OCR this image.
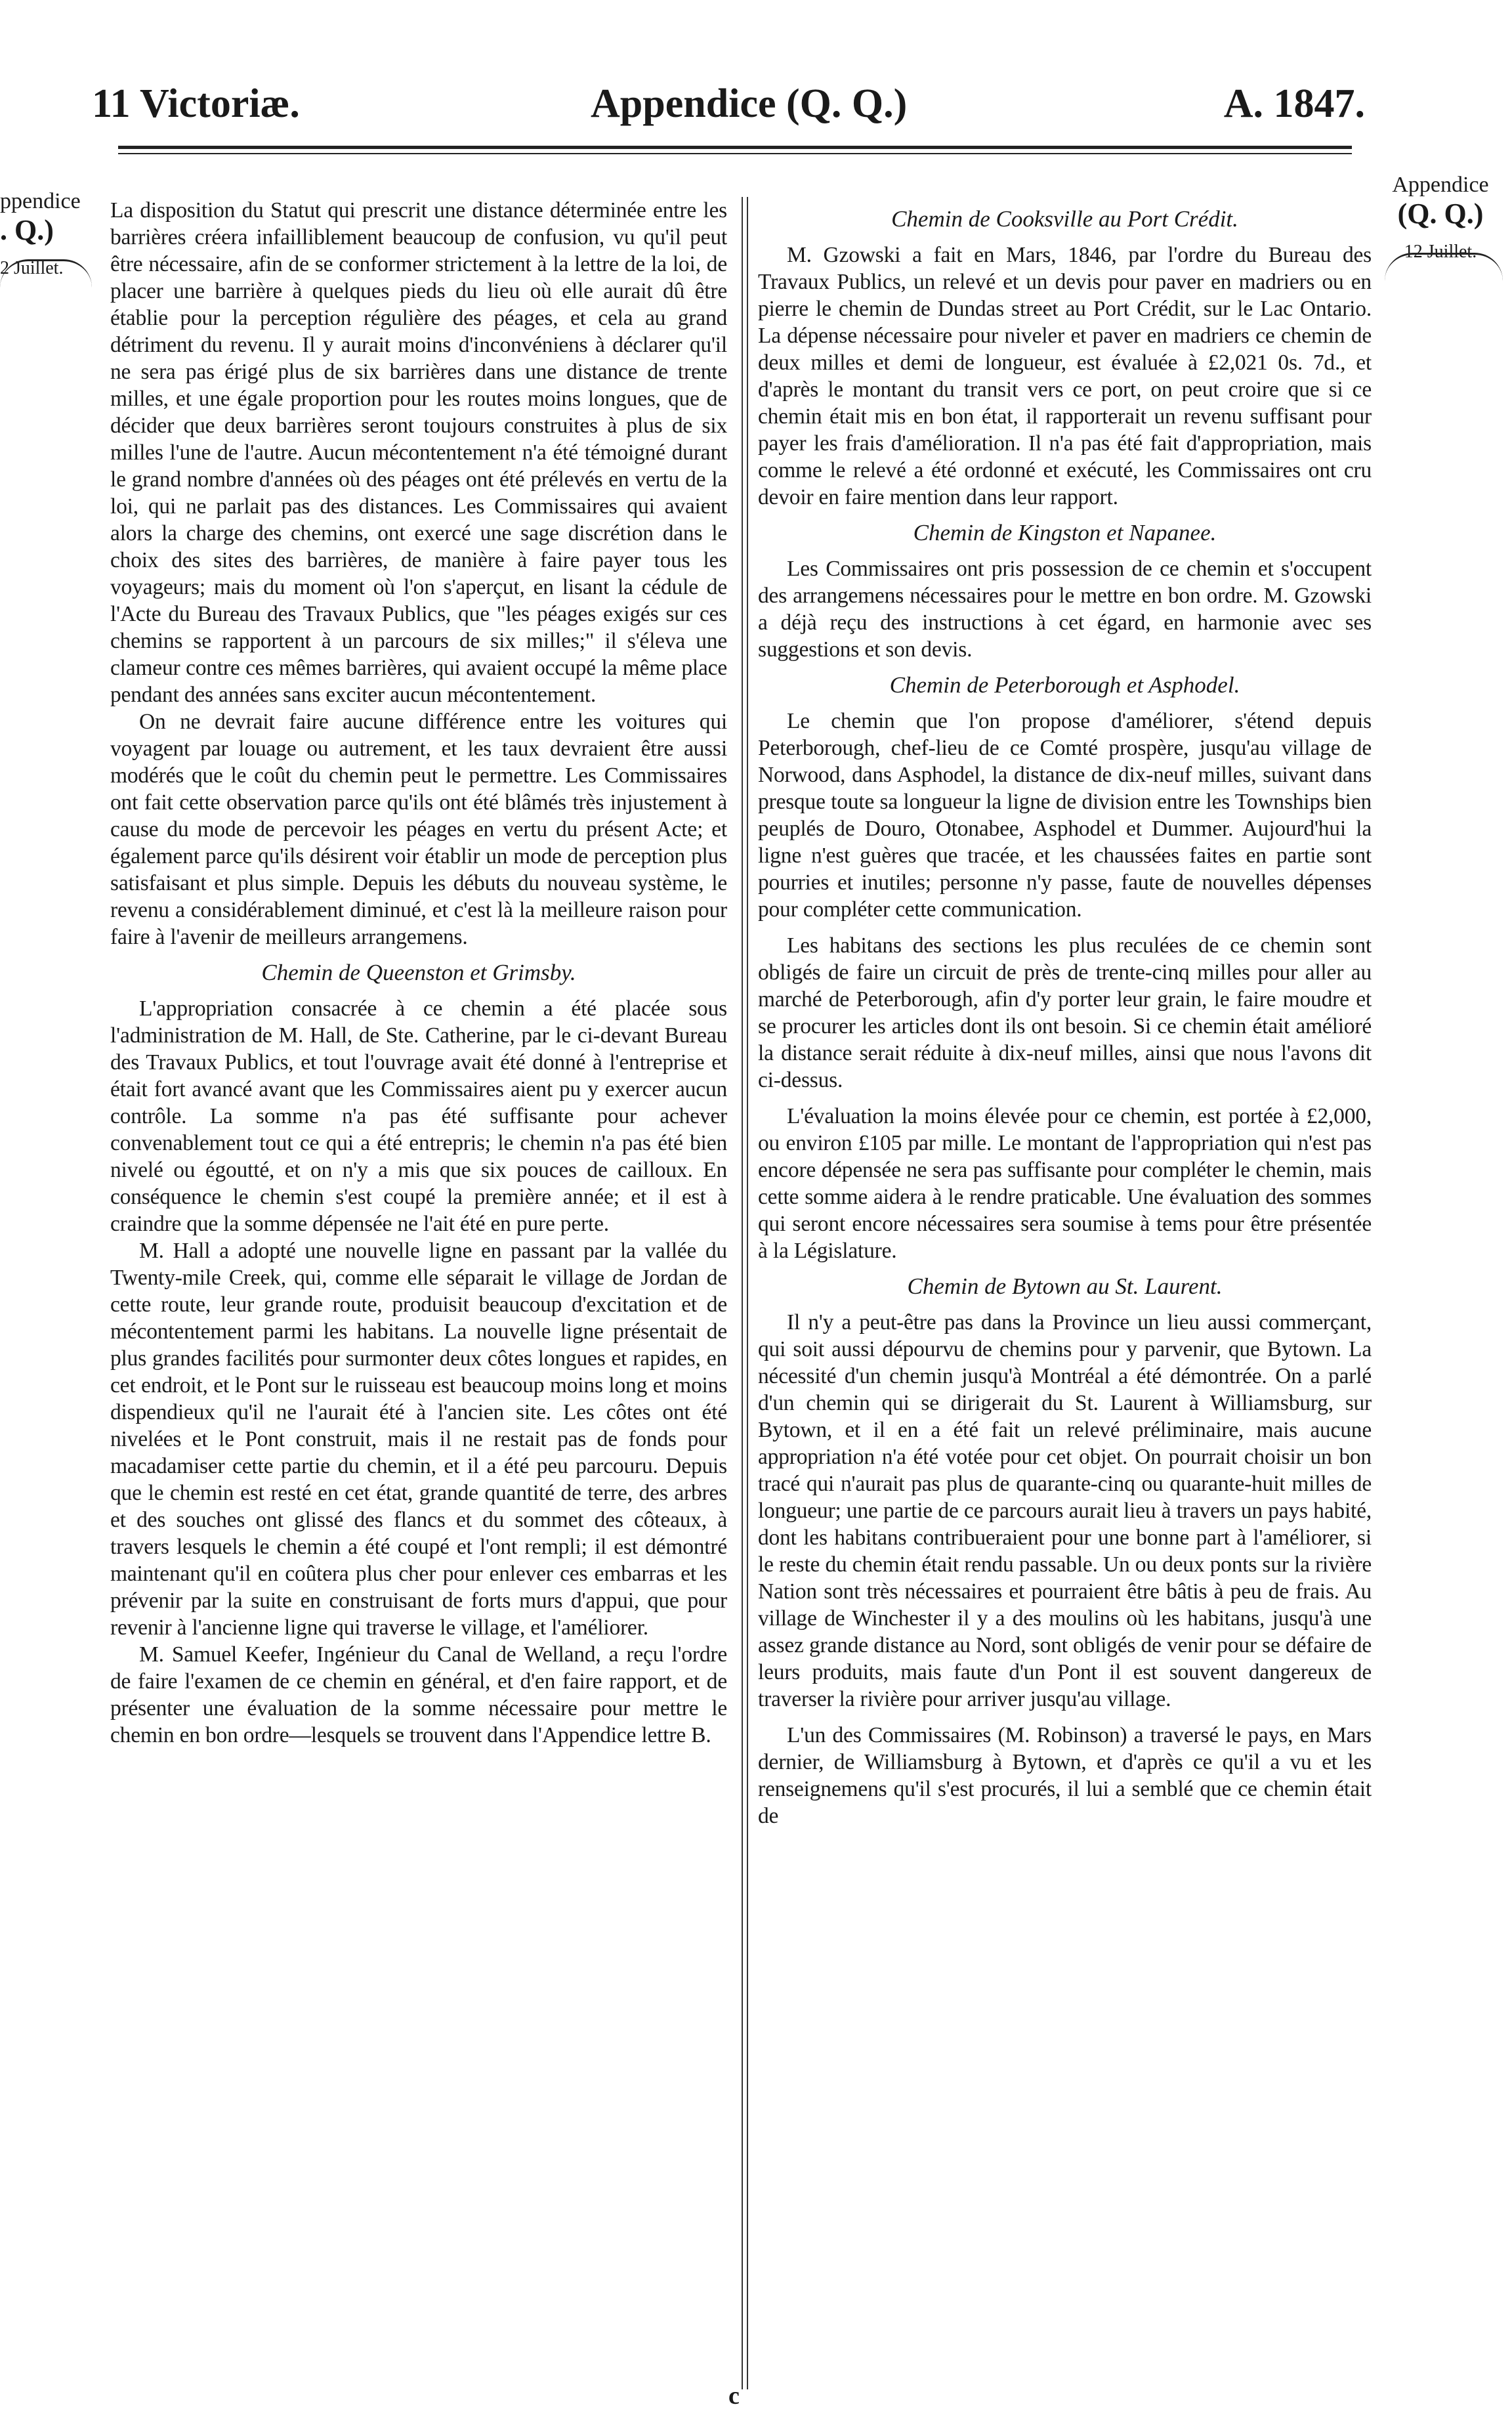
11 Victoriæ.	Appendice (Q. Q.)	A. 1847.
ppendice
. Q.)
2 Juillet.
Appendice
(Q. Q.)
12 Juillet.

La disposition du Statut qui prescrit une distance déterminée entre les barrières créera infailliblement beaucoup de confusion, vu qu'il peut être nécessaire, afin de se conformer strictement à la lettre de la loi, de placer une barrière à quelques pieds du lieu où elle aurait dû être établie pour la perception régulière des péages, et cela au grand détriment du revenu. Il y aurait moins d'inconvéniens à déclarer qu'il ne sera pas érigé plus de six barrières dans une distance de trente milles, et une égale proportion pour les routes moins longues, que de décider que deux barrières seront toujours construites à plus de six milles l'une de l'autre. Aucun mécontentement n'a été témoigné durant le grand nombre d'années où des péages ont été prélevés en vertu de la loi, qui ne parlait pas des distances. Les Commissaires qui avaient alors la charge des chemins, ont exercé une sage discrétion dans le choix des sites des barrières, de manière à faire payer tous les voyageurs; mais du moment où l'on s'aperçut, en lisant la cédule de l'Acte du Bureau des Travaux Publics, que "les péages exigés sur ces chemins se rapportent à un parcours de six milles;" il s'éleva une clameur contre ces mêmes barrières, qui avaient occupé la même place pendant des années sans exciter aucun mécontentement.

On ne devrait faire aucune différence entre les voitures qui voyagent par louage ou autrement, et les taux devraient être aussi modérés que le coût du chemin peut le permettre. Les Commissaires ont fait cette observation parce qu'ils ont été blâmés très injustement à cause du mode de percevoir les péages en vertu du présent Acte; et également parce qu'ils désirent voir établir un mode de perception plus satisfaisant et plus simple. Depuis les débuts du nouveau système, le revenu a considérablement diminué, et c'est là la meilleure raison pour faire à l'avenir de meilleurs arrangemens.

Chemin de Queenston et Grimsby.

L'appropriation consacrée à ce chemin a été placée sous l'administration de M. Hall, de Ste. Catherine, par le ci-devant Bureau des Travaux Publics, et tout l'ouvrage avait été donné à l'entreprise et était fort avancé avant que les Commissaires aient pu y exercer aucun contrôle. La somme n'a pas été suffisante pour achever convenablement tout ce qui a été entrepris; le chemin n'a pas été bien nivelé ou égoutté, et on n'y a mis que six pouces de cailloux. En conséquence le chemin s'est coupé la première année; et il est à craindre que la somme dépensée ne l'ait été en pure perte.

M. Hall a adopté une nouvelle ligne en passant par la vallée du Twenty-mile Creek, qui, comme elle séparait le village de Jordan de cette route, leur grande route, produisit beaucoup d'excitation et de mécontentement parmi les habitans. La nouvelle ligne présentait de plus grandes facilités pour surmonter deux côtes longues et rapides, en cet endroit, et le Pont sur le ruisseau est beaucoup moins long et moins dispendieux qu'il ne l'aurait été à l'ancien site. Les côtes ont été nivelées et le Pont construit, mais il ne restait pas de fonds pour macadamiser cette partie du chemin, et il a été peu parcouru. Depuis que le chemin est resté en cet état, grande quantité de terre, des arbres et des souches ont glissé des flancs et du sommet des côteaux, à travers lesquels le chemin a été coupé et l'ont rempli; il est démontré maintenant qu'il en coûtera plus cher pour enlever ces embarras et les prévenir par la suite en construisant de forts murs d'appui, que pour revenir à l'ancienne ligne qui traverse le village, et l'améliorer.

M. Samuel Keefer, Ingénieur du Canal de Welland, a reçu l'ordre de faire l'examen de ce chemin en général, et d'en faire rapport, et de présenter une évaluation de la somme nécessaire pour mettre le chemin en bon ordre—lesquels se trouvent dans l'Appendice lettre B.

Chemin de Cooksville au Port Crédit.

M. Gzowski a fait en Mars, 1846, par l'ordre du Bureau des Travaux Publics, un relevé et un devis pour paver en madriers ou en pierre le chemin de Dundas street au Port Crédit, sur le Lac Ontario. La dépense nécessaire pour niveler et paver en madriers ce chemin de deux milles et demi de longueur, est évaluée à £2,021 0s. 7d., et d'après le montant du transit vers ce port, on peut croire que si ce chemin était mis en bon état, il rapporterait un revenu suffisant pour payer les frais d'amélioration. Il n'a pas été fait d'appropriation, mais comme le relevé a été ordonné et exécuté, les Commissaires ont cru devoir en faire mention dans leur rapport.

Chemin de Kingston et Napanee.

Les Commissaires ont pris possession de ce chemin et s'occupent des arrangemens nécessaires pour le mettre en bon ordre. M. Gzowski a déjà reçu des instructions à cet égard, en harmonie avec ses suggestions et son devis.

Chemin de Peterborough et Asphodel.

Le chemin que l'on propose d'améliorer, s'étend depuis Peterborough, chef-lieu de ce Comté prospère, jusqu'au village de Norwood, dans Asphodel, la distance de dix-neuf milles, suivant dans presque toute sa longueur la ligne de division entre les Townships bien peuplés de Douro, Otonabee, Asphodel et Dummer. Aujourd'hui la ligne n'est guères que tracée, et les chaussées faites en partie sont pourries et inutiles; personne n'y passe, faute de nouvelles dépenses pour compléter cette communication.

Les habitans des sections les plus reculées de ce chemin sont obligés de faire un circuit de près de trente-cinq milles pour aller au marché de Peterborough, afin d'y porter leur grain, le faire moudre et se procurer les articles dont ils ont besoin. Si ce chemin était amélioré la distance serait réduite à dix-neuf milles, ainsi que nous l'avons dit ci-dessus.

L'évaluation la moins élevée pour ce chemin, est portée à £2,000, ou environ £105 par mille. Le montant de l'appropriation qui n'est pas encore dépensée ne sera pas suffisante pour compléter le chemin, mais cette somme aidera à le rendre praticable. Une évaluation des sommes qui seront encore nécessaires sera soumise à tems pour être présentée à la Législature.

Chemin de Bytown au St. Laurent.

Il n'y a peut-être pas dans la Province un lieu aussi commerçant, qui soit aussi dépourvu de chemins pour y parvenir, que Bytown. La nécessité d'un chemin jusqu'à Montréal a été démontrée. On a parlé d'un chemin qui se dirigerait du St. Laurent à Williamsburg, sur Bytown, et il en a été fait un relevé préliminaire, mais aucune appropriation n'a été votée pour cet objet. On pourrait choisir un bon tracé qui n'aurait pas plus de quarante-cinq ou quarante-huit milles de longueur; une partie de ce parcours aurait lieu à travers un pays habité, dont les habitans contribueraient pour une bonne part à l'améliorer, si le reste du chemin était rendu passable. Un ou deux ponts sur la rivière Nation sont très nécessaires et pourraient être bâtis à peu de frais. Au village de Winchester il y a des moulins où les habitans, jusqu'à une assez grande distance au Nord, sont obligés de venir pour se défaire de leurs produits, mais faute d'un Pont il est souvent dangereux de traverser la rivière pour arriver jusqu'au village.

L'un des Commissaires (M. Robinson) a traversé le pays, en Mars dernier, de Williamsburg à Bytown, et d'après ce qu'il a vu et les renseignemens qu'il s'est procurés, il lui a semblé que ce chemin était de

c
